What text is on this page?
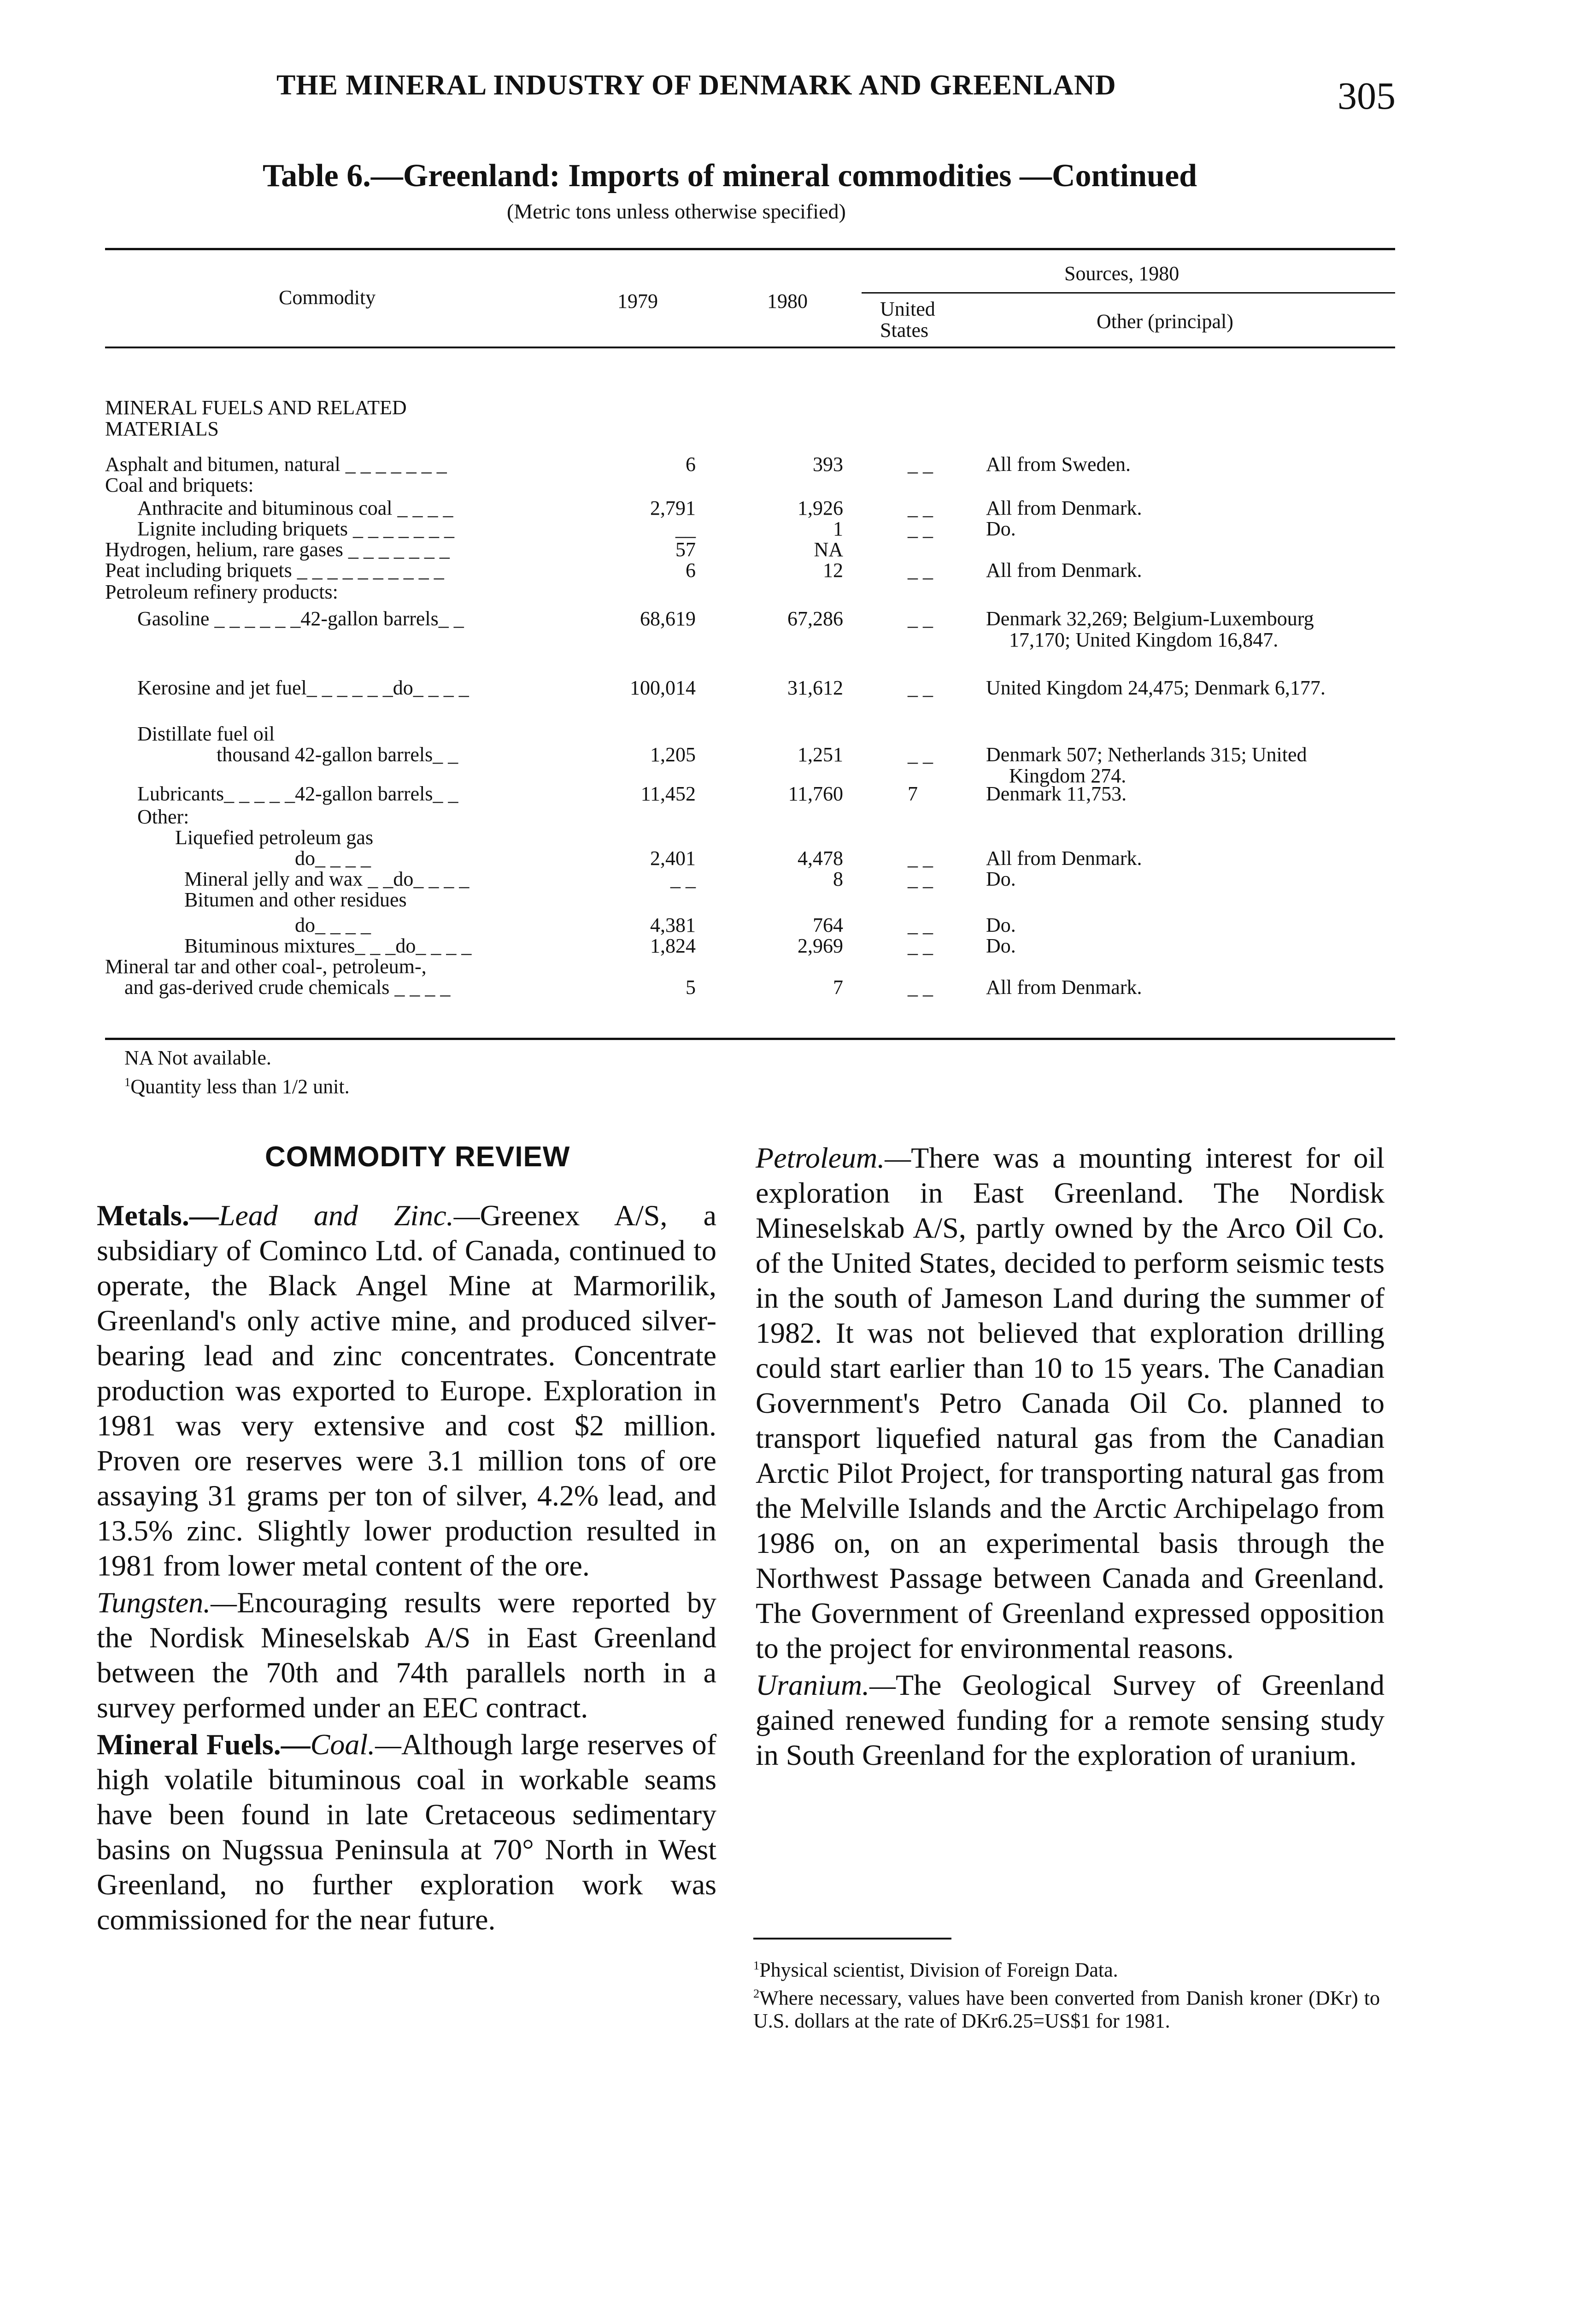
THE MINERAL INDUSTRY OF DENMARK AND GREENLAND	305
Table 6.—Greenland: Imports of mineral commodities —Continued
(Metric tons unless otherwise specified)
Commodity	1979	1980
Sources, 1980
United States	Other (principal)
MINERAL FUELS AND RELATED MATERIALS
Asphalt and bitumen, natural _ _ _ _ _ _ _	6	393	_ _	All from Sweden.
Coal and briquets:
Anthracite and bituminous coal _ _ _ _	2,791	1,926	_ _	All from Denmark.
Lignite including briquets _ _ _ _ _ _ _	__	1	_ _	Do.
Hydrogen, helium, rare gases _ _ _ _ _ _ _	57	NA
Peat including briquets _ _ _ _ _ _ _ _ _ _	6	12	_ _	All from Denmark.
Petroleum refinery products:
Gasoline _ _ _ _ _ _42-gallon barrels_ _	68,619	67,286	_ _	Denmark 32,269; Belgium-Luxembourg 17,170; United Kingdom 16,847.
Kerosine and jet fuel_ _ _ _ _ _do_ _ _ _	100,014	31,612	_ _	United Kingdom 24,475; Denmark 6,177.
Distillate fuel oil
thousand 42-gallon barrels_ _	1,205	1,251	_ _	Denmark 507; Netherlands 315; United Kingdom 274.
Lubricants_ _ _ _ _42-gallon barrels_ _	11,452	11,760	7	Denmark 11,753.
Other:
Liquefied petroleum gas
do_ _ _ _	2,401	4,478	_ _	All from Denmark.
Mineral jelly and wax _ _do_ _ _ _	_ _	8	_ _	Do.
Bitumen and other residues
do_ _ _ _	4,381	764	_ _	Do.
Bituminous mixtures_ _ _do_ _ _ _	1,824	2,969	_ _	Do.
Mineral tar and other coal-, petroleum-,
and gas-derived crude chemicals _ _ _ _	5	7	_ _	All from Denmark.
NA Not available.
$^1$Quantity less than 1/2 unit.
COMMODITY REVIEW

Metals.—Lead and Zinc.—Greenex A/S, a subsidiary of Cominco Ltd. of Canada, continued to operate, the Black Angel Mine at Marmorilik, Greenland's only active mine, and produced silver-bearing lead and zinc concentrates. Concentrate production was exported to Europe. Exploration in 1981 was very extensive and cost $2 million. Proven ore reserves were 3.1 million tons of ore assaying 31 grams per ton of silver, 4.2% lead, and 13.5% zinc. Slightly lower production resulted in 1981 from lower metal content of the ore.

Tungsten.—Encouraging results were reported by the Nordisk Mineselskab A/S in East Greenland between the 70th and 74th parallels north in a survey performed under an EEC contract.

Mineral Fuels.—Coal.—Although large reserves of high volatile bituminous coal in workable seams have been found in late Cretaceous sedimentary basins on Nugssua Peninsula at 70° North in West Greenland, no further exploration work was commissioned for the near future.

Petroleum.—There was a mounting interest for oil exploration in East Greenland. The Nordisk Mineselskab A/S, partly owned by the Arco Oil Co. of the United States, decided to perform seismic tests in the south of Jameson Land during the summer of 1982. It was not believed that exploration drilling could start earlier than 10 to 15 years. The Canadian Government's Petro Canada Oil Co. planned to transport liquefied natural gas from the Canadian Arctic Pilot Project, for transporting natural gas from the Melville Islands and the Arctic Archipelago from 1986 on, on an experimental basis through the Northwest Passage between Canada and Greenland. The Government of Greenland expressed opposition to the project for environmental reasons.

Uranium.—The Geological Survey of Greenland gained renewed funding for a remote sensing study in South Greenland for the exploration of uranium.

$^1$Physical scientist, Division of Foreign Data.

$^2$Where necessary, values have been converted from Danish kroner (DKr) to U.S. dollars at the rate of DKr6.25=US$1 for 1981.
